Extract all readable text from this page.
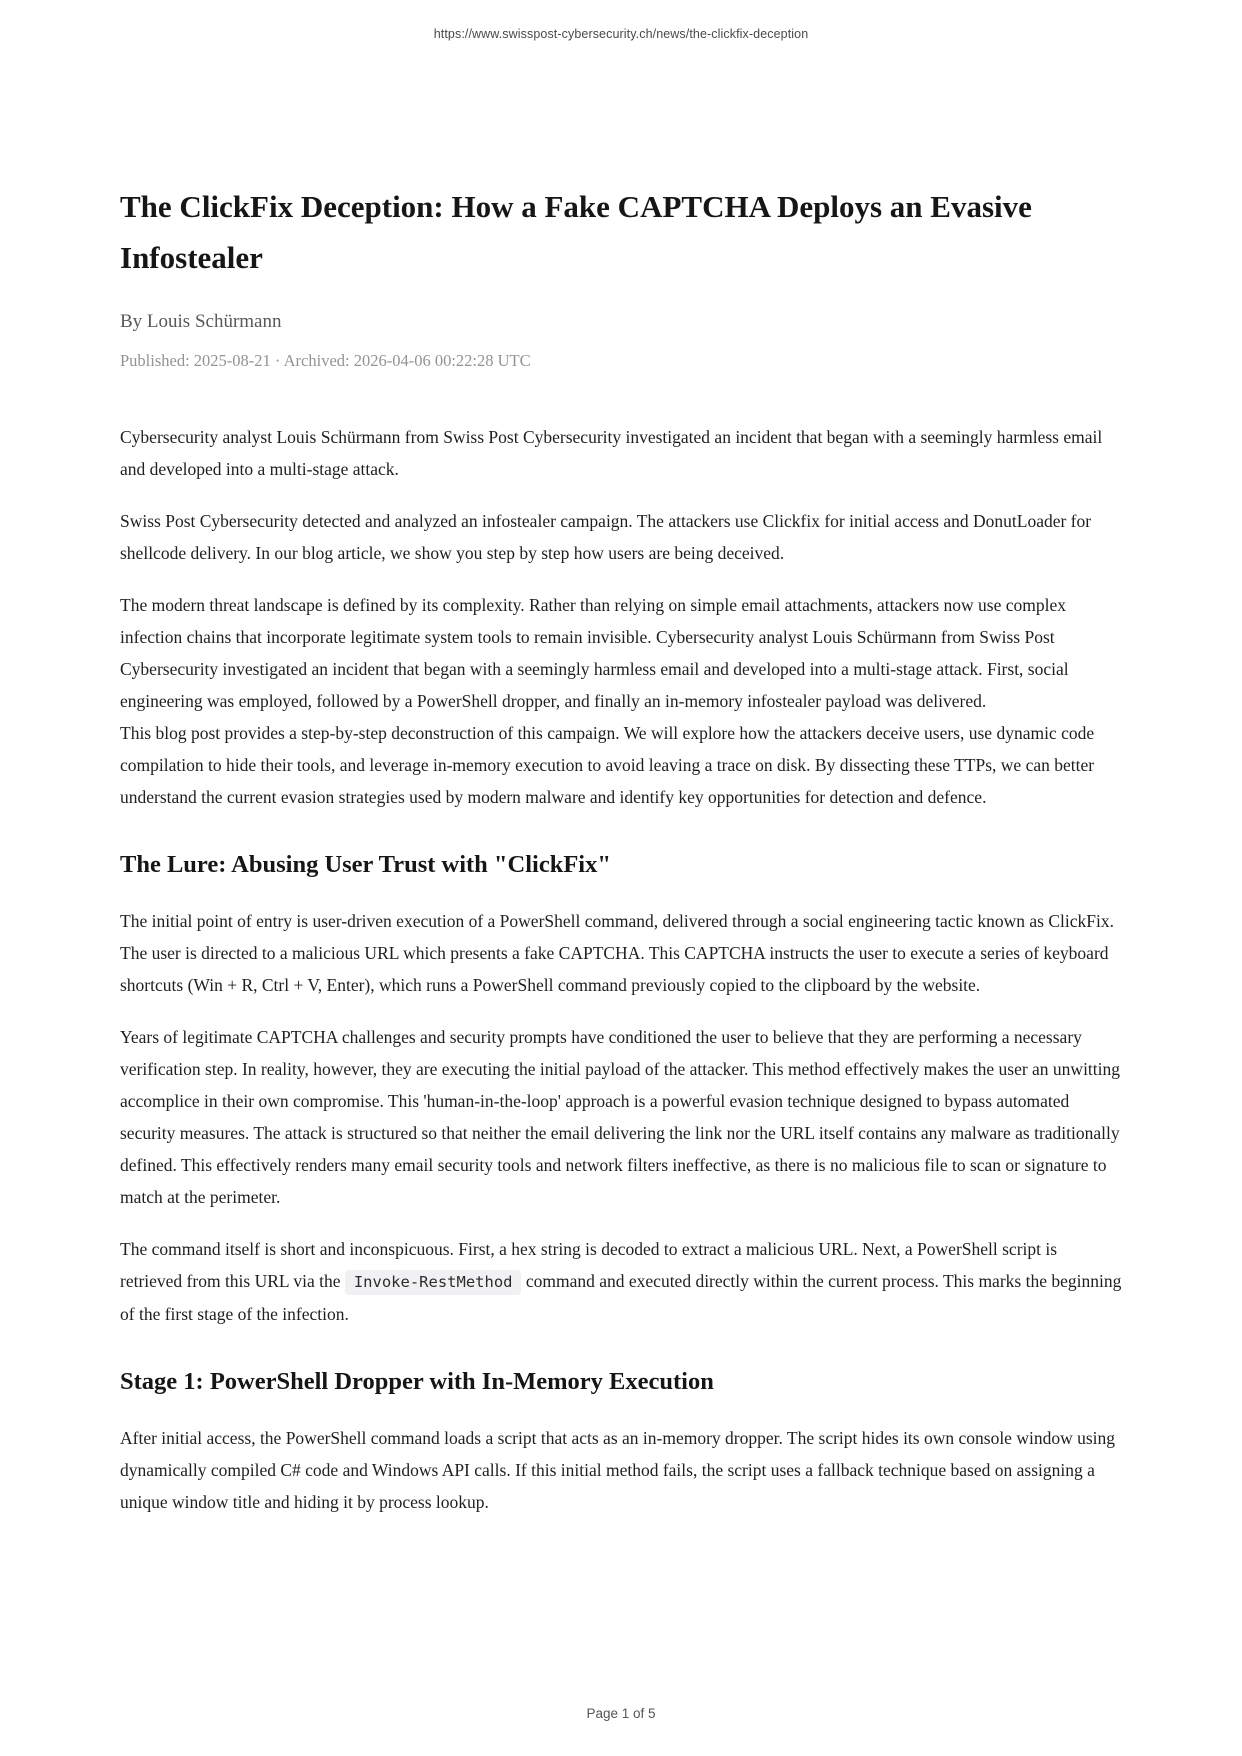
https://www.swisspost-cybersecurity.ch/news/the-clickfix-deception
The ClickFix Deception: How a Fake CAPTCHA Deploys an Evasive Infostealer
By Louis Schürmann
Published: 2025-08-21 · Archived: 2026-04-06 00:22:28 UTC

Cybersecurity analyst Louis Schürmann from Swiss Post Cybersecurity investigated an incident that began with a seemingly harmless email and developed into a multi-stage attack.

Swiss Post Cybersecurity detected and analyzed an infostealer campaign. The attackers use Clickfix for initial access and DonutLoader for shellcode delivery. In our blog article, we show you step by step how users are being deceived.

The modern threat landscape is defined by its complexity. Rather than relying on simple email attachments, attackers now use complex infection chains that incorporate legitimate system tools to remain invisible. Cybersecurity analyst Louis Schürmann from Swiss Post Cybersecurity investigated an incident that began with a seemingly harmless email and developed into a multi-stage attack. First, social engineering was employed, followed by a PowerShell dropper, and finally an in-memory infostealer payload was delivered.
This blog post provides a step-by-step deconstruction of this campaign. We will explore how the attackers deceive users, use dynamic code compilation to hide their tools, and leverage in-memory execution to avoid leaving a trace on disk. By dissecting these TTPs, we can better understand the current evasion strategies used by modern malware and identify key opportunities for detection and defence.

The Lure: Abusing User Trust with "ClickFix"

The initial point of entry is user-driven execution of a PowerShell command, delivered through a social engineering tactic known as ClickFix. The user is directed to a malicious URL which presents a fake CAPTCHA. This CAPTCHA instructs the user to execute a series of keyboard shortcuts (Win + R, Ctrl + V, Enter), which runs a PowerShell command previously copied to the clipboard by the website.

Years of legitimate CAPTCHA challenges and security prompts have conditioned the user to believe that they are performing a necessary verification step. In reality, however, they are executing the initial payload of the attacker. This method effectively makes the user an unwitting accomplice in their own compromise. This 'human-in-the-loop' approach is a powerful evasion technique designed to bypass automated security measures. The attack is structured so that neither the email delivering the link nor the URL itself contains any malware as traditionally defined. This effectively renders many email security tools and network filters ineffective, as there is no malicious file to scan or signature to match at the perimeter.

The command itself is short and inconspicuous. First, a hex string is decoded to extract a malicious URL. Next, a PowerShell script is retrieved from this URL via the Invoke-RestMethod command and executed directly within the current process. This marks the beginning of the first stage of the infection.

Stage 1: PowerShell Dropper with In-Memory Execution

After initial access, the PowerShell command loads a script that acts as an in-memory dropper. The script hides its own console window using dynamically compiled C# code and Windows API calls. If this initial method fails, the script uses a fallback technique based on assigning a unique window title and hiding it by process lookup.

Page 1 of 5
